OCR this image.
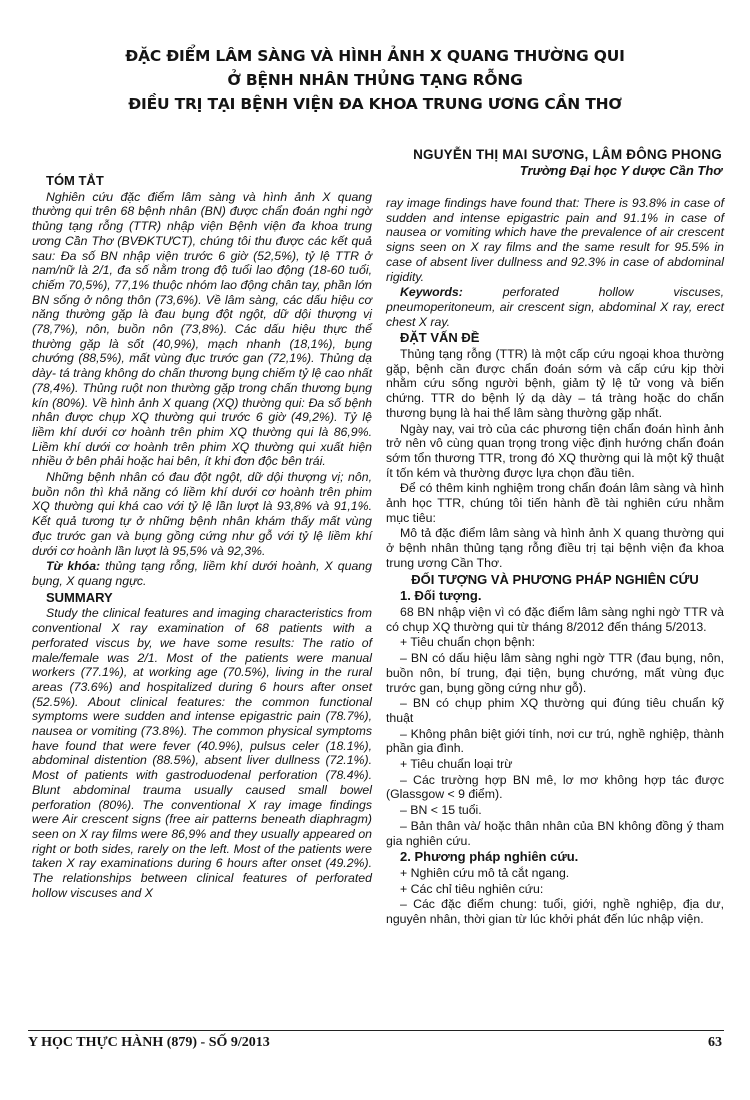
ĐẶC ĐIỂM LÂM SÀNG VÀ HÌNH ẢNH X QUANG THƯỜNG QUI
Ở BỆNH NHÂN THỦNG TẠNG RỖNG
ĐIỀU TRỊ TẠI BỆNH VIỆN ĐA KHOA TRUNG ƯƠNG CẦN THƠ
NGUYỄN THỊ MAI SƯƠNG, LÂM ĐÔNG PHONG
Trường Đại học Y dược Cần Thơ
TÓM TẮT

Nghiên cứu đặc điểm lâm sàng và hình ảnh X quang thường qui trên 68 bệnh nhân (BN) được chẩn đoán nghi ngờ thủng tạng rỗng (TTR) nhập viện Bệnh viện đa khoa trung ương Cần Thơ (BVĐKTƯCT), chúng tôi thu được các kết quả sau: Đa số BN nhập viện trước 6 giờ (52,5%), tỷ lệ TTR ở nam/nữ là 2/1, đa số nằm trong độ tuổi lao động (18-60 tuổi, chiếm 70,5%), 77,1% thuộc nhóm lao động chân tay, phần lớn BN sống ở nông thôn (73,6%). Về lâm sàng, các dấu hiệu cơ năng thường gặp là đau bụng đột ngột, dữ dội thượng vị (78,7%), nôn, buồn nôn (73,8%). Các dấu hiệu thực thể thường gặp là sốt (40,9%), mạch nhanh (18,1%), bụng chướng (88,5%), mất vùng đục trước gan (72,1%). Thủng dạ dày- tá tràng không do chấn thương bụng chiếm tỷ lệ cao nhất (78,4%). Thủng ruột non thường gặp trong chấn thương bụng kín (80%). Về hình ảnh X quang (XQ) thường qui: Đa số bệnh nhân được chụp XQ thường qui trước 6 giờ (49,2%). Tỷ lệ liềm khí dưới cơ hoành trên phim XQ thường qui là 86,9%. Liềm khí dưới cơ hoành trên phim XQ thường qui xuất hiện nhiều ở bên phải hoặc hai bên, ít khi đơn độc bên trái.

Những bệnh nhân có đau đột ngột, dữ dội thượng vị; nôn, buồn nôn thì khả năng có liềm khí dưới cơ hoành trên phim XQ thường qui khá cao với tỷ lệ lần lượt là 93,8% và 91,1%. Kết quả tương tự ở những bệnh nhân khám thấy mất vùng đục trước gan và bụng gồng cứng như gỗ với tỷ lệ liềm khí dưới cơ hoành lần lượt là 95,5% và 92,3%.

Từ khóa: thủng tạng rỗng, liềm khí dưới hoành, X quang bụng, X quang ngực.

SUMMARY

Study the clinical features and imaging characteristics from conventional X ray examination of 68 patients with a perforated viscus by, we have some results: The ratio of male/female was 2/1. Most of the patients were manual workers (77.1%), at working age (70.5%), living in the rural areas (73.6%) and hospitalized during 6 hours after onset (52.5%). About clinical features: the common functional symptoms were sudden and intense epigastric pain (78.7%), nausea or vomiting (73.8%). The common physical symptoms have found that were fever (40.9%), pulsus celer (18.1%), abdominal distention (88.5%), absent liver dullness (72.1%). Most of patients with gastroduodenal perforation (78.4%). Blunt abdominal trauma usually caused small bowel perforation (80%). The conventional X ray image findings were Air crescent signs (free air patterns beneath diaphragm) seen on X ray films were 86,9% and they usually appeared on right or both sides, rarely on the left. Most of the patients were taken X ray examinations during 6 hours after onset (49.2%). The relationships between clinical features of perforated hollow viscuses and X

ray image findings have found that: There is 93.8% in case of sudden and intense epigastric pain and 91.1% in case of nausea or vomiting which have the prevalence of air crescent signs seen on X ray films and the same result for 95.5% in case of absent liver dullness and 92.3% in case of abdominal rigidity.

Keywords: perforated hollow viscuses, pneumoperitoneum, air crescent sign, abdominal X ray, erect chest X ray.

ĐẶT VẤN ĐỀ

Thủng tạng rỗng (TTR) là một cấp cứu ngoại khoa thường gặp, bệnh cần được chẩn đoán sớm và cấp cứu kịp thời nhằm cứu sống người bệnh, giảm tỷ lệ tử vong và biến chứng. TTR do bệnh lý dạ dày – tá tràng hoặc do chấn thương bụng là hai thể lâm sàng thường gặp nhất.

Ngày nay, vai trò của các phương tiện chẩn đoán hình ảnh trở nên vô cùng quan trọng trong việc định hướng chẩn đoán sớm tổn thương TTR, trong đó XQ thường qui là một kỹ thuật ít tốn kém và thường được lựa chọn đầu tiên.

Để có thêm kinh nghiệm trong chẩn đoán lâm sàng và hình ảnh học TTR, chúng tôi tiến hành đề tài nghiên cứu nhằm mục tiêu:

Mô tả đặc điểm lâm sàng và hình ảnh X quang thường qui ở bệnh nhân thủng tạng rỗng điều trị tại bệnh viện đa khoa trung ương Cần Thơ.

ĐỐI TƯỢNG VÀ PHƯƠNG PHÁP NGHIÊN CỨU
1. Đối tượng.

68 BN nhập viện vì có đặc điểm lâm sàng nghi ngờ TTR và có chụp XQ thường qui từ tháng 8/2012 đến tháng 5/2013.

+ Tiêu chuẩn chọn bệnh:

– BN có dấu hiệu lâm sàng nghi ngờ TTR (đau bụng, nôn, buồn nôn, bí trung, đại tiện, bụng chướng, mất vùng đục trước gan, bụng gồng cứng như gỗ).

– BN có chụp phim XQ thường qui đúng tiêu chuẩn kỹ thuật

– Không phân biệt giới tính, nơi cư trú, nghề nghiệp, thành phần gia đình.

+ Tiêu chuẩn loại trừ

– Các trường hợp BN mê, lơ mơ không hợp tác được (Glassgow < 9 điểm).

– BN < 15 tuổi.

– Bản thân và/ hoặc thân nhân của BN không đồng ý tham gia nghiên cứu.

2. Phương pháp nghiên cứu.

+ Nghiên cứu mô tả cắt ngang.

+ Các chỉ tiêu nghiên cứu:

– Các đặc điểm chung: tuổi, giới, nghề nghiệp, địa dư, nguyên nhân, thời gian từ lúc khởi phát đến lúc nhập viện.

Y HỌC THỰC HÀNH (879) - SỐ 9/2013	63
